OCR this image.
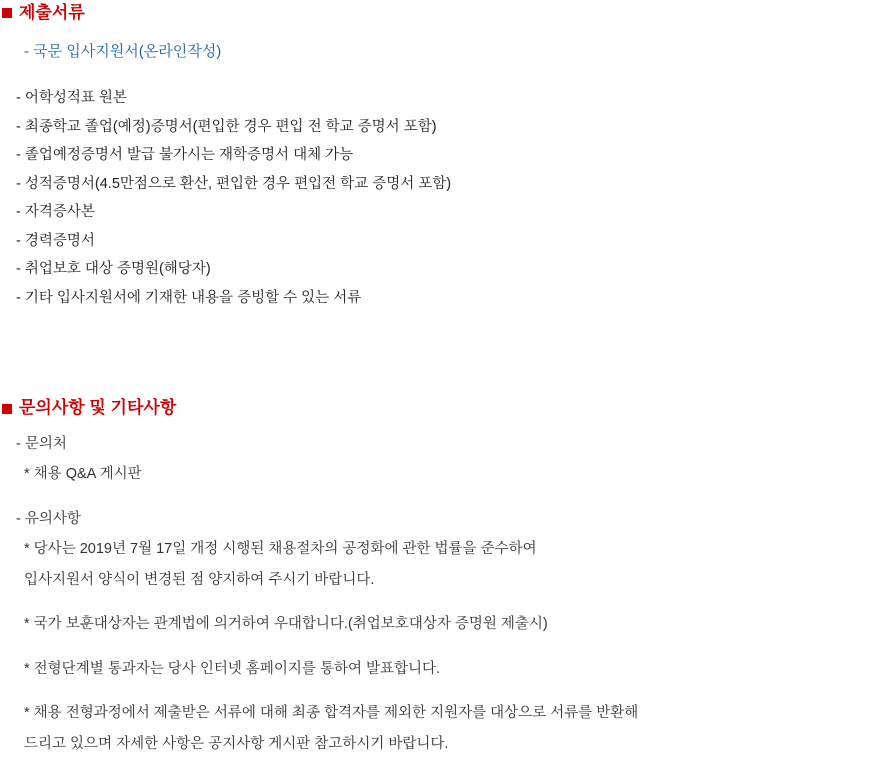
제출서류
- 국문 입사지원서(온라인작성)
- 어학성적표 원본
- 최종학교 졸업(예정)증명서(편입한 경우 편입 전 학교 증명서 포함)
- 졸업예정증명서 발급 불가시는 재학증명서 대체 가능
- 성적증명서(4.5만점으로 환산, 편입한 경우 편입전 학교 증명서 포함)
- 자격증사본
- 경력증명서
- 취업보호 대상 증명원(해당자)
- 기타 입사지원서에 기재한 내용을 증빙할 수 있는 서류
문의사항 및 기타사항
- 문의처
* 채용 Q&A 게시판
- 유의사항
* 당사는 2019년 7월 17일 개정 시행된 채용절차의 공정화에 관한 법률을 준수하여
입사지원서 양식이 변경된 점 양지하여 주시기 바랍니다.
* 국가 보훈대상자는 관계법에 의거하여 우대합니다.(취업보호대상자 증명원 제출시)
* 전형단계별 통과자는 당사 인터넷 홈페이지를 통하여 발표합니다.
* 채용 전형과정에서 제출받은 서류에 대해 최종 합격자를 제외한 지원자를 대상으로 서류를 반환해
드리고 있으며 자세한 사항은 공지사항 게시판 참고하시기 바랍니다.
